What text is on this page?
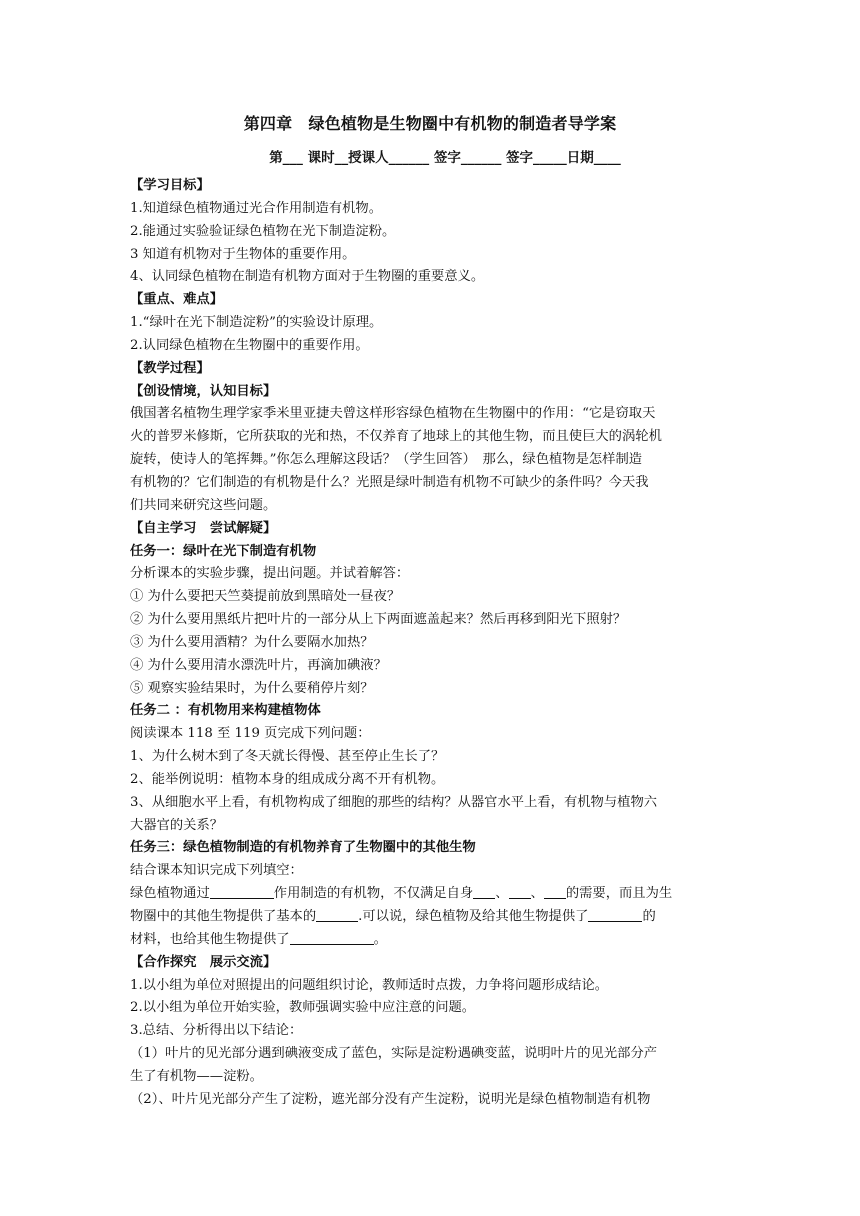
第四章　绿色植物是生物圈中有机物的制造者导学案
第___ 课时__授课人______ 签字______ 签字_____日期____
【学习目标】
1.知道绿色植物通过光合作用制造有机物。
2.能通过实验验证绿色植物在光下制造淀粉。
3 知道有机物对于生物体的重要作用。
4、认同绿色植物在制造有机物方面对于生物圈的重要意义。
【重点、难点】
1.“绿叶在光下制造淀粉”的实验设计原理。
2.认同绿色植物在生物圈中的重要作用。
【教学过程】
【创设情境，认知目标】
俄国著名植物生理学家季米里亚捷夫曾这样形容绿色植物在生物圈中的作用：“它是窃取天
火的普罗米修斯，它所获取的光和热，不仅养育了地球上的其他生物，而且使巨大的涡轮机
旋转，使诗人的笔挥舞。”你怎么理解这段话？（学生回答）　那么，绿色植物是怎样制造
有机物的？它们制造的有机物是什么？光照是绿叶制造有机物不可缺少的条件吗？今天我
们共同来研究这些问题。
【自主学习　尝试解疑】
任务一：绿叶在光下制造有机物
分析课本的实验步骤，提出问题。并试着解答：
① 为什么要把天竺葵提前放到黑暗处一昼夜？
② 为什么要用黑纸片把叶片的一部分从上下两面遮盖起来？然后再移到阳光下照射？
③ 为什么要用酒精？为什么要隔水加热？
④ 为什么要用清水漂洗叶片，再滴加碘液？
⑤ 观察实验结果时，为什么要稍停片刻？
任务二 ：有机物用来构建植物体
阅读课本 118 至 119 页完成下列问题：
1、为什么树木到了冬天就长得慢、甚至停止生长了？
2、能举例说明：植物本身的组成成分离不开有机物。
3、从细胞水平上看，有机物构成了细胞的那些的结构？从器官水平上看，有机物与植物六
大器官的关系？
任务三：绿色植物制造的有机物养育了生物圈中的其他生物
结合课本知识完成下列填空：
绿色植物通过	作用制造的有机物，不仅满足自身 、 、 的需要，而且为生
物圈中的其他生物提供了基本的	.可以说，绿色植物及给其他生物提供了	的
材料，也给其他生物提供了	。
【合作探究　展示交流】
1.以小组为单位对照提出的问题组织讨论，教师适时点拨，力争将问题形成结论。
2.以小组为单位开始实验，教师强调实验中应注意的问题。
3.总结、分析得出以下结论：
（1）叶片的见光部分遇到碘液变成了蓝色，实际是淀粉遇碘变蓝，说明叶片的见光部分产
生了有机物——淀粉。
（2）、叶片见光部分产生了淀粉，遮光部分没有产生淀粉，说明光是绿色植物制造有机物
